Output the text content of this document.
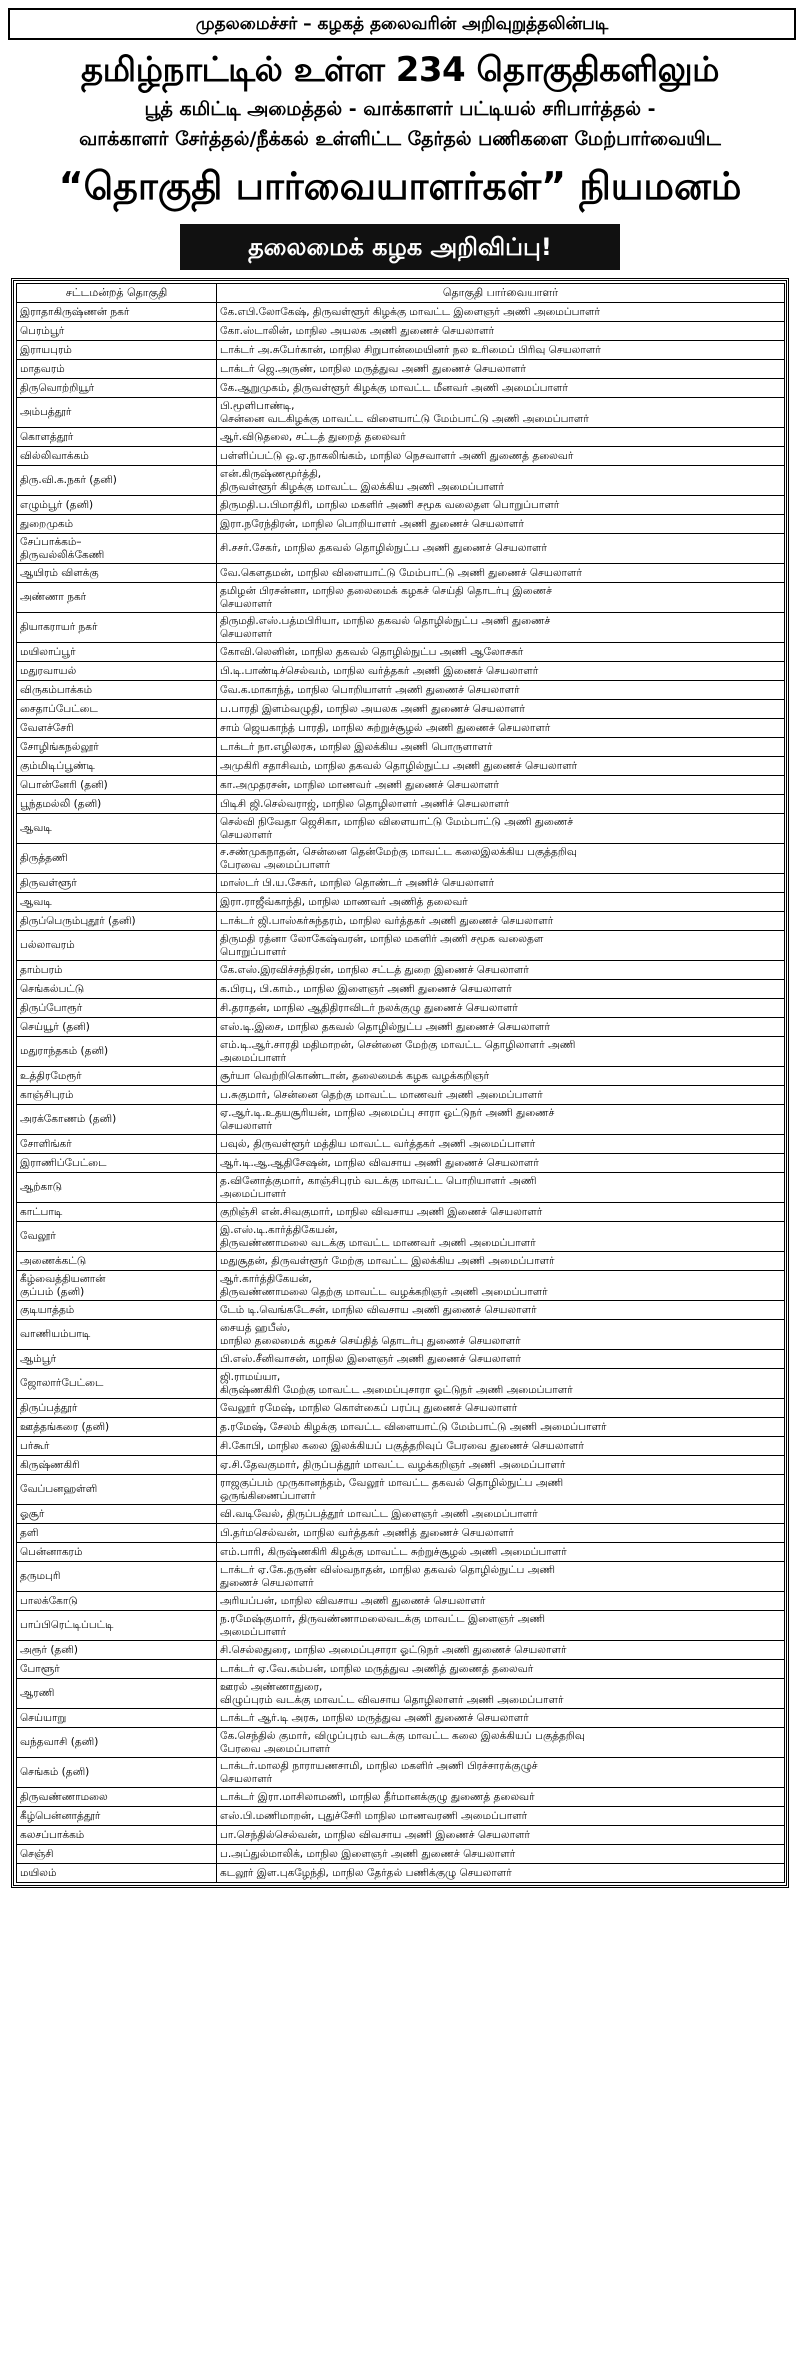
முதலமைச்சர் – கழகத் தலைவரின் அறிவுறுத்தலின்படி
தமிழ்நாட்டில் உள்ள 234 தொகுதிகளிலும்
பூத் கமிட்டி அமைத்தல் - வாக்காளர் பட்டியல் சரிபார்த்தல் -
வாக்காளர் சேர்த்தல்/நீக்கல் உள்ளிட்ட தேர்தல் பணிகளை மேற்பார்வையிட
“தொகுதி பார்வையாளர்கள்” நியமனம்
தலைமைக் கழக அறிவிப்பு!
சட்டமன்றத் தொகுதி	தொகுதி பார்வையாளர்
இராதாகிருஷ்ணன் நகர்	கே.எபி.லோகேஷ், திருவள்ளூர் கிழக்கு மாவட்ட இளைஞர் அணி அமைப்பாளர்
பெரம்பூர்	கோ.ஸ்டாலின், மாநில அயலக அணி துணைச் செயலாளர்
இராயபுரம்	டாக்டர் அ.சுபேர்கான், மாநில சிறுபான்மையினர் நல உரிமைப் பிரிவு செயலாளர்
மாதவரம்	டாக்டர் ஜெ.அருண், மாநில மருத்துவ அணி துணைச் செயலாளர்
திருவொற்றியூர்	கே.ஆறுமுகம், திருவள்ளூர் கிழக்கு மாவட்ட மீனவர் அணி அமைப்பாளர்
அம்பத்தூர்	பி.மூளிபாண்டி,
சென்னை வடகிழக்கு மாவட்ட விளையாட்டு மேம்பாட்டு அணி அமைப்பாளர்
கொளத்தூர்	ஆர்.விடுதலை, சட்டத் துறைத் தலைவர்
வில்லிவாக்கம்	பள்ளிப்பட்டு ஒ.ஏ.நாகலிங்கம், மாநில நெசவாளர் அணி துணைத் தலைவர்
திரு.வி.க.நகர் (தனி)	என்.கிருஷ்ணமூர்த்தி,
திருவள்ளூர் கிழக்கு மாவட்ட இலக்கிய அணி அமைப்பாளர்
எழும்பூர் (தனி)	திருமதி.ப.பிமாதிரி, மாநில மகளிர் அணி சமூக வலைதள பொறுப்பாளர்
துறைமுகம்	இரா.நரேந்திரன், மாநில பொறியாளர் அணி துணைச் செயலாளர்
சேப்பாக்கம்–
திருவல்லிக்கேணி	சி.சசர்.சேகர், மாநில தகவல் தொழில்நுட்ப அணி துணைச் செயலாளர்
ஆயிரம் விளக்கு	வே.கௌதமன், மாநில விளையாட்டு மேம்பாட்டு அணி துணைச் செயலாளர்
அண்ணா நகர்	தமிழன் பிரசன்னா, மாநில தலைமைக் கழகச் செய்தி தொடர்பு இணைச்
செயலாளர்
தியாகராயர் நகர்	திருமதி.எஸ்.பத்மபிரியா, மாநில தகவல் தொழில்நுட்ப அணி துணைச்
செயலாளர்
மயிலாப்பூர்	கோவி.லெனின், மாநில தகவல் தொழில்நுட்ப அணி ஆலோசகர்
மதுரவாயல்	பி.டி.பாண்டிச்செல்வம், மாநில வர்த்தகர் அணி இணைச் செயலாளர்
விருகம்பாக்கம்	வே.க.மாகாந்த், மாநில பொறியாளர் அணி துணைச் செயலாளர்
சைதாப்பேட்டை	ப.பாரதி இளம்வழுதி, மாநில அயலக அணி துணைச் செயலாளர்
வேளச்சேரி	சாம் ஜெயகாந்த் பாரதி, மாநில சுற்றுச்சூழல் அணி துணைச் செயலாளர்
சோழிங்கநல்லூர்	டாக்டர் நா.எழிலரசு, மாநில இலக்கிய அணி பொருளாளர்
கும்மிடிப்பூண்டி	அமுகிரி சதாசிவம், மாநில தகவல் தொழில்நுட்ப அணி துணைச் செயலாளர்
பொன்னேரி (தனி)	கா.அமுதரசன், மாநில மாணவர் அணி துணைச் செயலாளர்
பூந்தமல்லி (தனி)	பிடிசி ஜி.செல்வராஜ், மாநில தொழிலாளர் அணிச் செயலாளர்
ஆவடி	செல்வி நிவேதா ஜெசிகா, மாநில விளையாட்டு மேம்பாட்டு அணி துணைச்
செயலாளர்
திருத்தணி	ச.சண்முகநாதன், சென்னை தென்மேற்கு மாவட்ட கலைஇலக்கிய பகுத்தறிவு
பேரவை அமைப்பாளர்
திருவள்ளூர்	மாஸ்டர் பி.ய.சேகர், மாநில தொண்டர் அணிச் செயலாளர்
ஆவடி	இரா.ராஜீவ்காந்தி, மாநில மாணவர் அணித் தலைவர்
திருப்பெரும்புதூர் (தனி)	டாக்டர் ஜி.பாஸ்கர்சுந்தரம், மாநில வர்த்தகர் அணி துணைச் செயலாளர்
பல்லாவரம்	திருமதி ரத்னா லோகேஷ்வரன், மாநில மகளிர் அணி சமூக வலைதள
பொறுப்பாளர்
தாம்பரம்	கே.எஸ்.இரவிச்சந்திரன், மாநில சட்டத் துறை இணைச் செயலாளர்
செங்கல்பட்டு	க.பிரபு, பி.காம்., மாநில இளைஞர் அணி துணைச் செயலாளர்
திருப்போரூர்	சி.தராதன், மாநில ஆதிதிராவிடர் நலக்குழு துணைச் செயலாளர்
செய்யூர் (தனி)	எஸ்.டி.இசை, மாநில தகவல் தொழில்நுட்ப அணி துணைச் செயலாளர்
மதுராந்தகம் (தனி)	எம்.டி.ஆர்.சாரதி மதிமாறன், சென்னை மேற்கு மாவட்ட தொழிலாளர் அணி
அமைப்பாளர்
உத்திரமேரூர்	சூர்யா வெற்றிகொண்டான், தலைமைக் கழக வழக்கறிஞர்
காஞ்சிபுரம்	ப.சுகுமார், சென்னை தெற்கு மாவட்ட மாணவர் அணி அமைப்பாளர்
அரக்கோணம் (தனி)	ஏ.ஆர்.டி.உதயசூரியன், மாநில அமைப்பு சாரா ஓட்டுநர் அணி துணைச்
செயலாளர்
சோளிங்கர்	பவுல், திருவள்ளூர் மத்திய மாவட்ட வர்த்தகர் அணி அமைப்பாளர்
இராணிப்பேட்டை	ஆர்.டி.ஆ.ஆதிசேஷன், மாநில விவசாய அணி துணைச் செயலாளர்
ஆற்காடு	த.வினோத்குமார், காஞ்சிபுரம் வடக்கு மாவட்ட பொறியாளர் அணி
அமைப்பாளர்
காட்பாடி	குறிஞ்சி என்.சிவகுமார், மாநில விவசாய அணி இணைச் செயலாளர்
வேலூர்	இ.எஸ்.டி.கார்த்திகேயன்,
திருவண்ணாமலை வடக்கு மாவட்ட மாணவர் அணி அமைப்பாளர்
அணைக்கட்டு	மதுசூதன், திருவள்ளூர் மேற்கு மாவட்ட இலக்கிய அணி அமைப்பாளர்
கீழ்வைத்தியனான்
குப்பம் (தனி)	ஆர்.கார்த்திகேயன்,
திருவண்ணாமலை தெற்கு மாவட்ட வழக்கறிஞர் அணி அமைப்பாளர்
குடியாத்தம்	டேம் டி.வெங்கடேசன், மாநில விவசாய அணி துணைச் செயலாளர்
வாணியம்பாடி	சையத் ஹபீஸ்,
மாநில தலைமைக் கழகச் செய்தித் தொடர்பு துணைச் செயலாளர்
ஆம்பூர்	பி.எஸ்.சீனிவாசன், மாநில இளைஞர் அணி துணைச் செயலாளர்
ஜோலார்பேட்டை	ஜி.ராமய்யா,
கிருஷ்ணகிரி மேற்கு மாவட்ட அமைப்புசாரா ஓட்டுநர் அணி அமைப்பாளர்
திருப்பத்தூர்	வேலூர் ரமேஷ், மாநில கொள்கைப் பரப்பு துணைச் செயலாளர்
ஊத்தங்கரை (தனி)	த.ரமேஷ், சேலம் கிழக்கு மாவட்ட விளையாட்டு மேம்பாட்டு அணி அமைப்பாளர்
பர்கூர்	சி.கோபி, மாநில கலை இலக்கியப் பகுத்தறிவுப் பேரவை துணைச் செயலாளர்
கிருஷ்ணகிரி	ஏ.சி.தேவகுமார், திருப்பத்தூர் மாவட்ட வழக்கறிஞர் அணி அமைப்பாளர்
வேப்பனஹள்ளி	ராஜகுப்பம் முருகானந்தம், வேலூர் மாவட்ட தகவல் தொழில்நுட்ப அணி
ஒருங்கிணைப்பாளர்
ஓசூர்	வி.வடிவேல், திருப்பத்தூர் மாவட்ட இளைஞர் அணி அமைப்பாளர்
தளி	பி.தர்மசெல்வன், மாநில வர்த்தகர் அணித் துணைச் செயலாளர்
பென்னாகரம்	எம்.பாரி, கிருஷ்ணகிரி கிழக்கு மாவட்ட சுற்றுச்சூழல் அணி அமைப்பாளர்
தருமபுரி	டாக்டர் ஏ.கே.தருண் விஸ்வநாதன், மாநில தகவல் தொழில்நுட்ப அணி
துணைச் செயலாளர்
பாலக்கோடு	அரியப்பன், மாநில விவசாய அணி துணைச் செயலாளர்
பாப்பிரெட்டிப்பட்டி	ந.ரமேஷ்குமார், திருவண்ணாமலைவடக்கு மாவட்ட இளைஞர் அணி
அமைப்பாளர்
அரூர் (தனி)	சி.செல்லதுரை, மாநில அமைப்புசாரா ஓட்டுநர் அணி துணைச் செயலாளர்
போளூர்	டாக்டர் ஏ.வே.கம்பன், மாநில மருத்துவ அணித் துணைத் தலைவர்
ஆரணி	ஊரல் அண்ணாதுரை,
விழுப்புரம் வடக்கு மாவட்ட விவசாய தொழிலாளர் அணி அமைப்பாளர்
செய்யாறு	டாக்டர் ஆர்.டி அரசு, மாநில மருத்துவ அணி துணைச் செயலாளர்
வந்தவாசி (தனி)	கே.செந்தில் குமார், விழுப்புரம் வடக்கு மாவட்ட கலை இலக்கியப் பகுத்தறிவு
பேரவை அமைப்பாளர்
செங்கம் (தனி)	டாக்டர்.மாலதி நாராயணசாமி, மாநில மகளிர் அணி பிரச்சாரக்குழுச்
செயலாளர்
திருவண்ணாமலை	டாக்டர் இரா.மாசிலாமணி, மாநில தீர்மானக்குழு துணைத் தலைவர்
கீழ்பென்னாத்தூர்	எஸ்.பி.மணிமாறன், புதுச்சேரி மாநில மாணவரணி அமைப்பாளர்
கலசப்பாக்கம்	பா.செந்தில்செல்வன், மாநில விவசாய அணி இணைச் செயலாளர்
செஞ்சி	ப.அப்துல்மாலிக், மாநில இளைஞர் அணி துணைச் செயலாளர்
மயிலம்	கடலூர் இள.புகழேந்தி, மாநில தேர்தல் பணிக்குழு செயலாளர்
